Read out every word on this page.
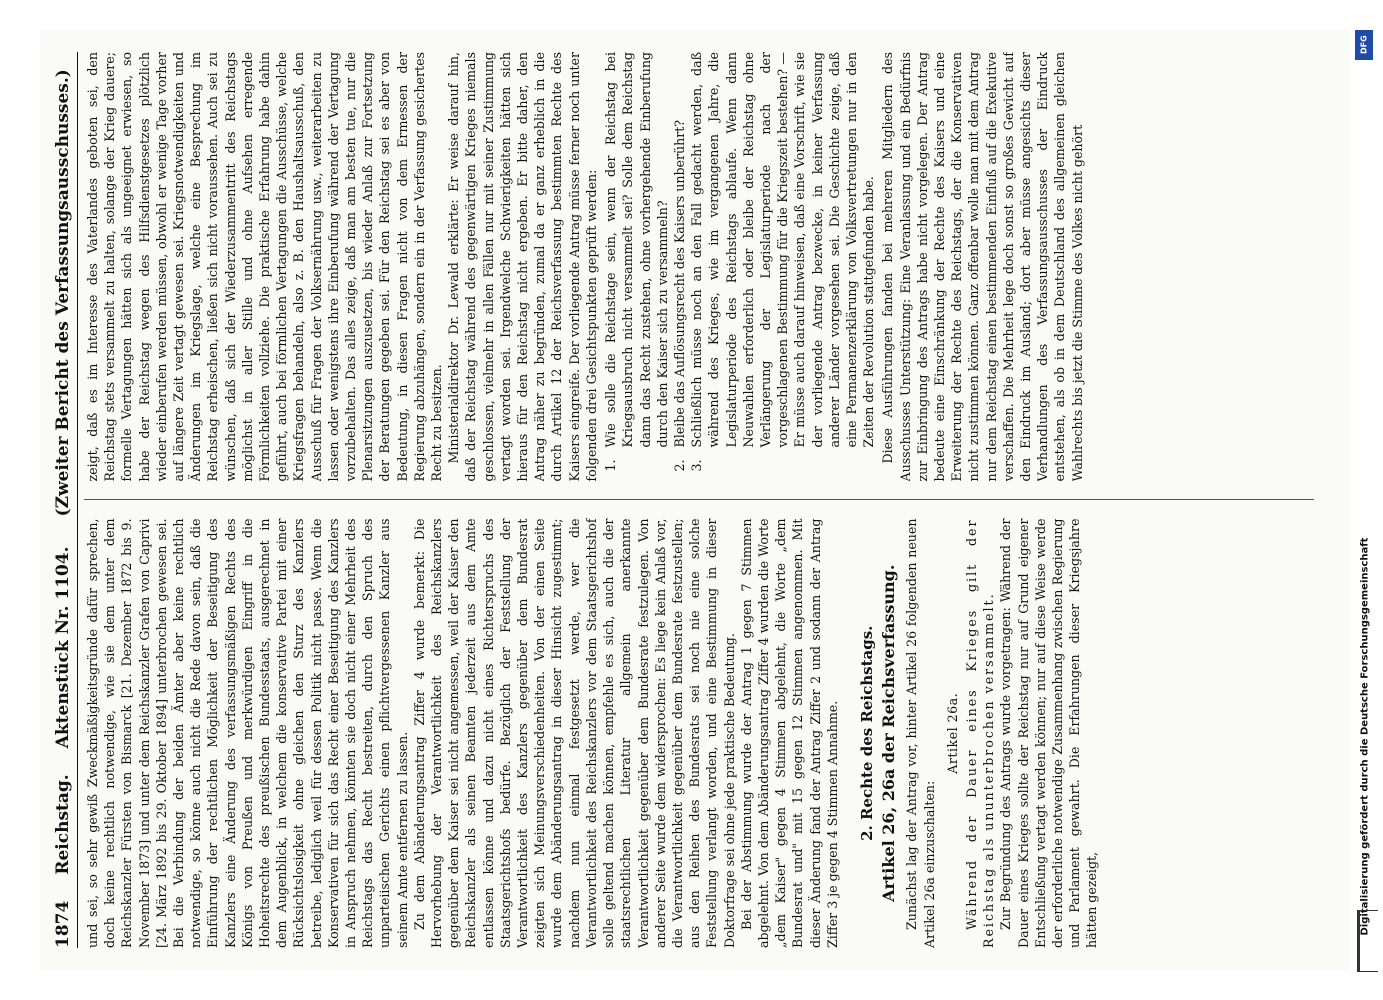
1874
Reichstag.
Aktenstück Nr. 1104.
(Zweiter Bericht des Verfassungsausschusses.)

und sei, so sehr gewiß Zweckmäßigkeitsgründe dafür sprechen, doch keine rechtlich notwendige, wie sie dem unter dem Reichskanzler Fürsten von Bismarck [21. Dezember 1872 bis 9. November 1873] und unter dem Reichskanzler Grafen von Caprivi [24. März 1892 bis 29. Oktober 1894] unterbrochen gewesen sei. Bei die Verbindung der beiden Ämter aber keine rechtlich notwendige, so könne auch nicht die Rede davon sein, daß die Einführung der rechtlichen Möglichkeit der Beseitigung des Kanzlers eine Änderung des verfassungsmäßigen Rechts des Königs von Preußen und merkwürdigen Eingriff in die Hoheitsrechte des preußischen Bundesstaats, ausgerechnet in dem Augenblick, in welchem die konservative Partei mit einer Rücksichtslosigkeit ohne gleichen den Sturz des Kanzlers betreibe, lediglich weil für dessen Politik nicht passe. Wenn die Konservativen für sich das Recht einer Beseitigung des Kanzlers in Anspruch nehmen, könnten sie doch nicht einer Mehrheit des Reichstags das Recht bestreiten, durch den Spruch des unparteiischen Gerichts einen pflichtvergessenen Kanzler aus seinem Amte entfernen zu lassen. Zu dem Abänderungsantrag Ziffer 4 wurde bemerkt: Die Hervorhebung der Verantwortlichkeit des Reichskanzlers gegenüber dem Kaiser sei nicht angemessen, weil der Kaiser den Reichskanzler als seinen Beamten jederzeit aus dem Amte entlassen könne und dazu nicht eines Richterspruchs des Staatsgerichtshofs bedürfe. Bezüglich der Feststellung der Verantwortlichkeit des Kanzlers gegenüber dem Bundesrat zeigten sich Meinungsverschiedenheiten. Von der einen Seite wurde dem Abänderungsantrag in dieser Hinsicht zugestimmt; nachdem nun einmal festgesetzt werde, wer die Verantwortlichkeit des Reichskanzlers vor dem Staatsgerichtshof solle geltend machen können, empfehle es sich, auch die der staatsrechtlichen Literatur allgemein anerkannte Verantwortlichkeit gegenüber dem Bundesrate festzulegen. Von anderer Seite wurde dem widersprochen: Es liege kein Anlaß vor, die Verantwortlichkeit gegenüber dem Bundesrate festzustellen; aus den Reihen des Bundesrats sei noch nie eine solche Feststellung verlangt worden, und eine Bestimmung in dieser Doktorfrage sei ohne jede praktische Bedeutung. Bei der Abstimmung wurde der Antrag 1 gegen 7 Stimmen abgelehnt. Von dem Abänderungsantrag Ziffer 4 wurden die Worte „dem Kaiser" gegen 4 Stimmen abgelehnt, die Worte „dem Bundesrat und" mit 15 gegen 12 Stimmen angenommen. Mit dieser Änderung fand der Antrag Ziffer 2 und sodann der Antrag Ziffer 3 je gegen 4 Stimmen Annahme. 2. Rechte des Reichstags. Artikel 26, 26a der Reichsverfassung. Zunächst lag der Antrag vor, hinter Artikel 26 folgenden neuen Artikel 26a einzuschalten:

Artikel 26a. Während der Dauer eines Krieges gilt der Reichstag als ununterbrochen versammelt. Zur Begründung des Antrags wurde vorgetragen: Während der Dauer eines Krieges sollte der Reichstag nur auf Grund eigener Entschließung vertagt werden können; nur auf diese Weise werde der erforderliche notwendige Zusammenhang zwischen Regierung und Parlament gewahrt. Die Erfahrungen dieser Kriegsjahre hätten gezeigt,

zeigt, daß es im Interesse des Vaterlandes geboten sei, den Reichstag stets versammelt zu halten, solange der Krieg dauere; formelle Vertagungen hätten sich als ungeeignet erwiesen, so habe der Reichstag wegen des Hilfsdienstgesetzes plötzlich wieder einberufen werden müssen, obwohl er wenige Tage vorher auf längere Zeit vertagt gewesen sei. Kriegsnotwendigkeiten und Änderungen im Kriegslage, welche eine Besprechung im Reichstag erheischen, ließen sich nicht voraussehen. Auch sei zu wünschen, daß sich der Wiederzusammentritt des Reichstags möglichst in aller Stille und ohne Aufsehen erregende Förmlichkeiten vollziehe. Die praktische Erfahrung habe dahin geführt, auch bei förmlichen Vertagungen die Ausschüsse, welche Kriegsfragen behandeln, also z. B. den Haushaltsausschuß, den Ausschuß für Fragen der Volksernährung usw., weiterarbeiten zu lassen oder wenigstens ihre Einberufung während der Vertagung vorzubehalten. Das alles zeige, daß man am besten tue, nur die Plenarsitzungen auszusetzen, bis wieder Anlaß zur Fortsetzung der Beratungen gegeben sei. Für den Reichstag sei es aber von Bedeutung, in diesen Fragen nicht von dem Ermessen der Regierung abzuhängen, sondern ein in der Verfassung gesichertes Recht zu besitzen. Ministerialdirektor Dr. Lewald erklärte: Er weise darauf hin, daß der Reichstag während des gegenwärtigen Krieges niemals geschlossen, vielmehr in allen Fällen nur mit seiner Zustimmung vertagt worden sei. Irgendwelche Schwierigkeiten hätten sich hieraus für den Reichstag nicht ergeben. Er bitte daher, den Antrag näher zu begründen, zumal da er ganz erheblich in die durch Artikel 12 der Reichsverfassung bestimmten Rechte des Kaisers eingreife. Der vorliegende Antrag müsse ferner noch unter folgenden drei Gesichtspunkten geprüft werden: 1.
Wie solle die Reichstage sein, wenn der Reichstag bei Kriegsausbruch nicht versammelt sei? Solle dem Reichstag dann das Recht zustehen, ohne vorhergehende Einberufung durch den Kaiser sich zu versammeln?
2.
Bleibe das Auflösungsrecht des Kaisers unberührt?
3.
Schließlich müsse noch an den Fall gedacht werden, daß während des Krieges, wie im vergangenen Jahre, die Legislaturperiode des Reichstags ablaufe. Wenn dann Neuwahlen erforderlich oder bleibe der Reichstag ohne Verlängerung der Legislaturperiode nach der vorgeschlagenen Bestimmung für die Kriegszeit bestehen? — Er müsse auch darauf hinweisen, daß eine Vorschrift, wie sie der vorliegende Antrag bezwecke, in keiner Verfassung anderer Länder vorgesehen sei. Die Geschichte zeige, daß eine Permanenzerklärung von Volksvertretungen nur in den Zeiten der Revolution stattgefunden habe. Diese Ausführungen fanden bei mehreren Mitgliedern des Ausschusses Unterstützung: Eine Veranlassung und ein Bedürfnis zur Einbringung des Antrags habe nicht vorgelegen. Der Antrag bedeute eine Einschränkung der Rechte des Kaisers und eine Erweiterung der Rechte des Reichstags, der die Konservativen nicht zustimmen können. Ganz offenbar wolle man mit dem Antrag nur dem Reichstag einen bestimmenden Einfluß auf die Exekutive verschaffen. Die Mehrheit lege doch sonst so großes Gewicht auf den Eindruck im Ausland; dort aber müsse angesichts dieser Verhandlungen des Verfassungsausschusses der Eindruck entstehen, als ob in dem Deutschland des allgemeinen gleichen Wahlrechts bis jetzt die Stimme des Volkes nicht gehört

DFG
Digitalisierung gefördert durch die Deutsche Forschungsgemeinschaft
